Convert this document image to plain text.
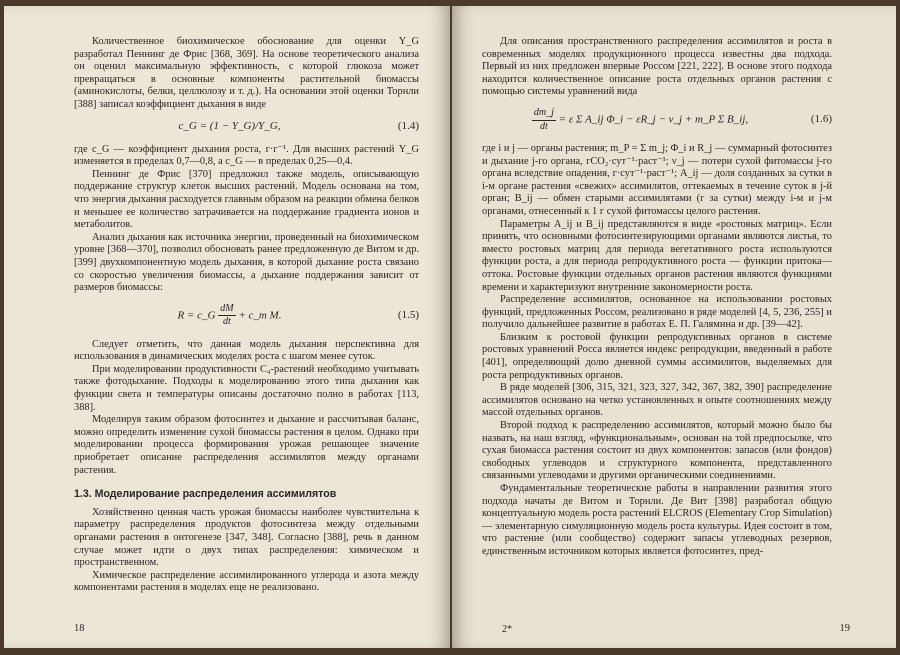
Количественное биохимическое обоснование для оценки Y_G разработал Пеннинг де Фрис [368, 369]. На основе теоретического анализа он оценил максимальную эффективность, с которой глюкоза может превращаться в основные компоненты растительной биомассы (аминокислоты, белки, целлюлозу и т. д.). На основании этой оценки Торнли [388] записал коэффициент дыхания в виде

c_G = (1 − Y_G)/Y_G,	(1.4)

где c_G — коэффициент дыхания роста, г·г⁻¹. Для высших растений Y_G изменяется в пределах 0,7—0,8, а c_G — в пределах 0,25—0,4.

Пеннинг де Фрис [370] предложил также модель, описывающую поддержание структур клеток высших растений. Модель основана на том, что энергия дыхания расходуется главным образом на реакции обмена белков и меньшее ее количество затрачивается на поддержание градиента ионов и метаболитов.

Анализ дыхания как источника энергии, проведенный на биохимическом уровне [368—370], позволил обосновать ранее предложенную де Витом и др. [399] двухкомпонентную модель дыхания, в которой дыхание роста связано со скоростью увеличения биомассы, а дыхание поддержания зависит от размеров биомассы:

R = c_G $\frac{dM}{dt}$ + c_m M.	(1.5)

Следует отметить, что данная модель дыхания перспективна для использования в динамических моделях роста с шагом менее суток.

При моделировании продуктивности C₄-растений необходимо учитывать также фотодыхание. Подходы к моделированию этого типа дыхания как функции света и температуры описаны достаточно полно в работах [113, 388].

Моделируя таким образом фотосинтез и дыхание и рассчитывая баланс, можно определить изменение сухой биомассы растения в целом. Однако при моделировании процесса формирования урожая решающее значение приобретает описание распределения ассимилятов между органами растения.

1.3. Моделирование распределения ассимилятов

Хозяйственно ценная часть урожая биомассы наиболее чувствительна к параметру распределения продуктов фотосинтеза между отдельными органами растения в онтогенезе [347, 348]. Согласно [388], речь в данном случае может идти о двух типах распределения: химическом и пространственном.

Химическое распределение ассимилированного углерода и азота между компонентами растения в моделях еще не реализовано.

18

Для описания пространственного распределения ассимилятов и роста в современных моделях продукционного процесса известны два подхода. Первый из них предложен впервые Россом [221, 222]. В основе этого подхода находится количественное описание роста отдельных органов растения с помощью системы уравнений вида

$\frac{dm\_j}{dt} = \varepsilon$ Σ A_ij Φ_i − εR_j − ν_j + m_P Σ B_ij,	(1.6)

где i и j — органы растения; m_P = Σ m_j; Φ_i и R_j — суммарный фотосинтез и дыхание j-го органа, гCO₂·сут⁻¹·раст⁻¹; ν_j — потери сухой фитомассы j-го органа вследствие опадения, г·сут⁻¹·раст⁻¹; A_ij — доля созданных за сутки в i-м органе растения «свежих» ассимилятов, оттекаемых в течение суток в j-й орган; B_ij — обмен старыми ассимилятами (г за сутки) между i-м и j-м органами, отнесенный к 1 г сухой фитомассы целого растения.

Параметры A_ij и B_ij представляются в виде «ростовых матриц». Если принять, что основными фотосинтезирующими органами являются листья, то вместо ростовых матриц для периода вегетативного роста используются функции роста, а для периода репродуктивного роста — функции притока—оттока. Ростовые функции отдельных органов растения являются функциями времени и характеризуют внутренние закономерности роста.

Распределение ассимилятов, основанное на использовании ростовых функций, предложенных Россом, реализовано в ряде моделей [4, 5, 236, 255] и получило дальнейшее развитие в работах Е. П. Галямина и др. [39—42].

Близким к ростовой функции репродуктивных органов в системе ростовых уравнений Росса является индекс репродукции, введенный в работе [401], определяющий долю дневной суммы ассимилятов, выделяемых для роста репродуктивных органов.

В ряде моделей [306, 315, 321, 323, 327, 342, 367, 382, 390] распределение ассимилятов основано на четко установленных в опыте соотношениях между массой отдельных органов.

Второй подход к распределению ассимилятов, который можно было бы назвать, на наш взгляд, «функциональным», основан на той предпосылке, что сухая биомасса растения состоит из двух компонентов: запасов (или фондов) свободных углеводов и структурного компонента, представленного связанными углеводами и другими органическими соединениями.

Фундаментальные теоретические работы в направлении развития этого подхода начаты де Витом и Торнли. Де Вит [398] разработал общую концептуальную модель роста растений ELCROS (Elementary Crop Simulation) — элементарную симуляционную модель роста культуры. Идея состоит в том, что растение (или сообщество) содержит запасы углеводных резервов, единственным источником которых является фотосинтез, пред-

2*	19
